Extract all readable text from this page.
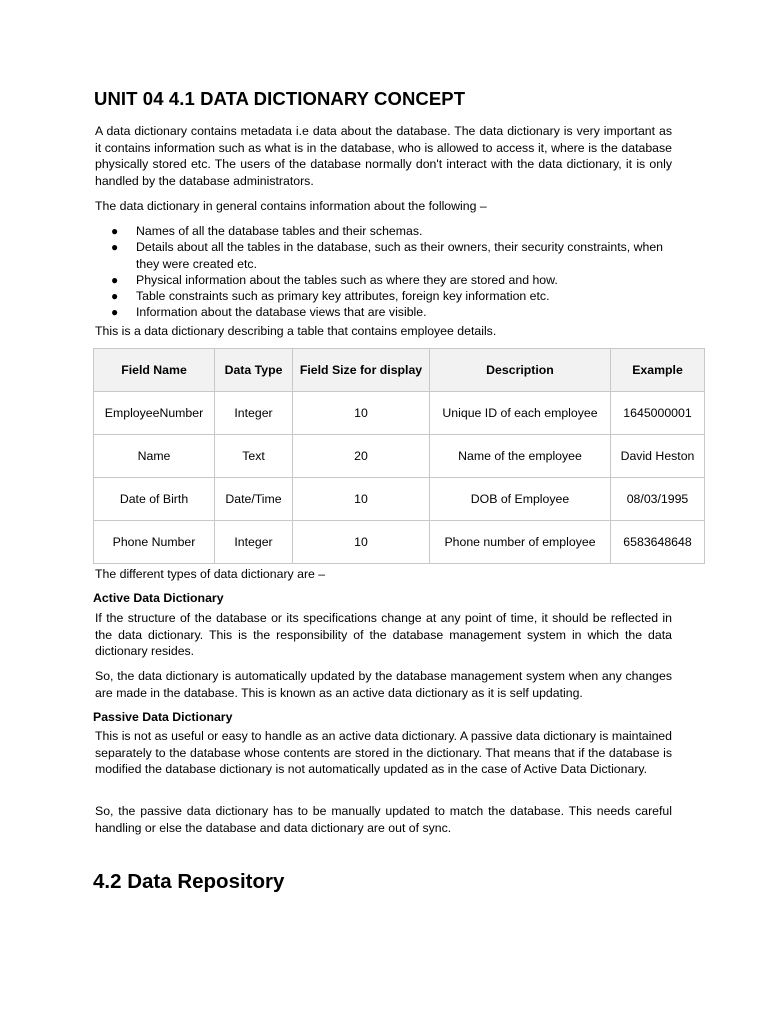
UNIT 04 4.1 DATA DICTIONARY CONCEPT
A data dictionary contains metadata i.e data about the database. The data dictionary is very important as it contains information such as what is in the database, who is allowed to access it, where is the database physically stored etc. The users of the database normally don't interact with the data dictionary, it is only handled by the database administrators.
The data dictionary in general contains information about the following –
● Names of all the database tables and their schemas.
● Details about all the tables in the database, such as their owners, their security constraints, when they were created etc.
● Physical information about the tables such as where they are stored and how.
● Table constraints such as primary key attributes, foreign key information etc.
● Information about the database views that are visible.
This is a data dictionary describing a table that contains employee details.
Field Name	Data Type	Field Size for display	Description	Example
EmployeeNumber	Integer	10	Unique ID of each employee	1645000001
Name	Text	20	Name of the employee	David Heston
Date of Birth	Date/Time	10	DOB of Employee	08/03/1995
Phone Number	Integer	10	Phone number of employee	6583648648
The different types of data dictionary are –
Active Data Dictionary
If the structure of the database or its specifications change at any point of time, it should be reflected in the data dictionary. This is the responsibility of the database management system in which the data dictionary resides.
So, the data dictionary is automatically updated by the database management system when any changes are made in the database. This is known as an active data dictionary as it is self updating.
Passive Data Dictionary
This is not as useful or easy to handle as an active data dictionary. A passive data dictionary is maintained separately to the database whose contents are stored in the dictionary. That means that if the database is modified the database dictionary is not automatically updated as in the case of Active Data Dictionary.
So, the passive data dictionary has to be manually updated to match the database. This needs careful handling or else the database and data dictionary are out of sync.
4.2 Data Repository
